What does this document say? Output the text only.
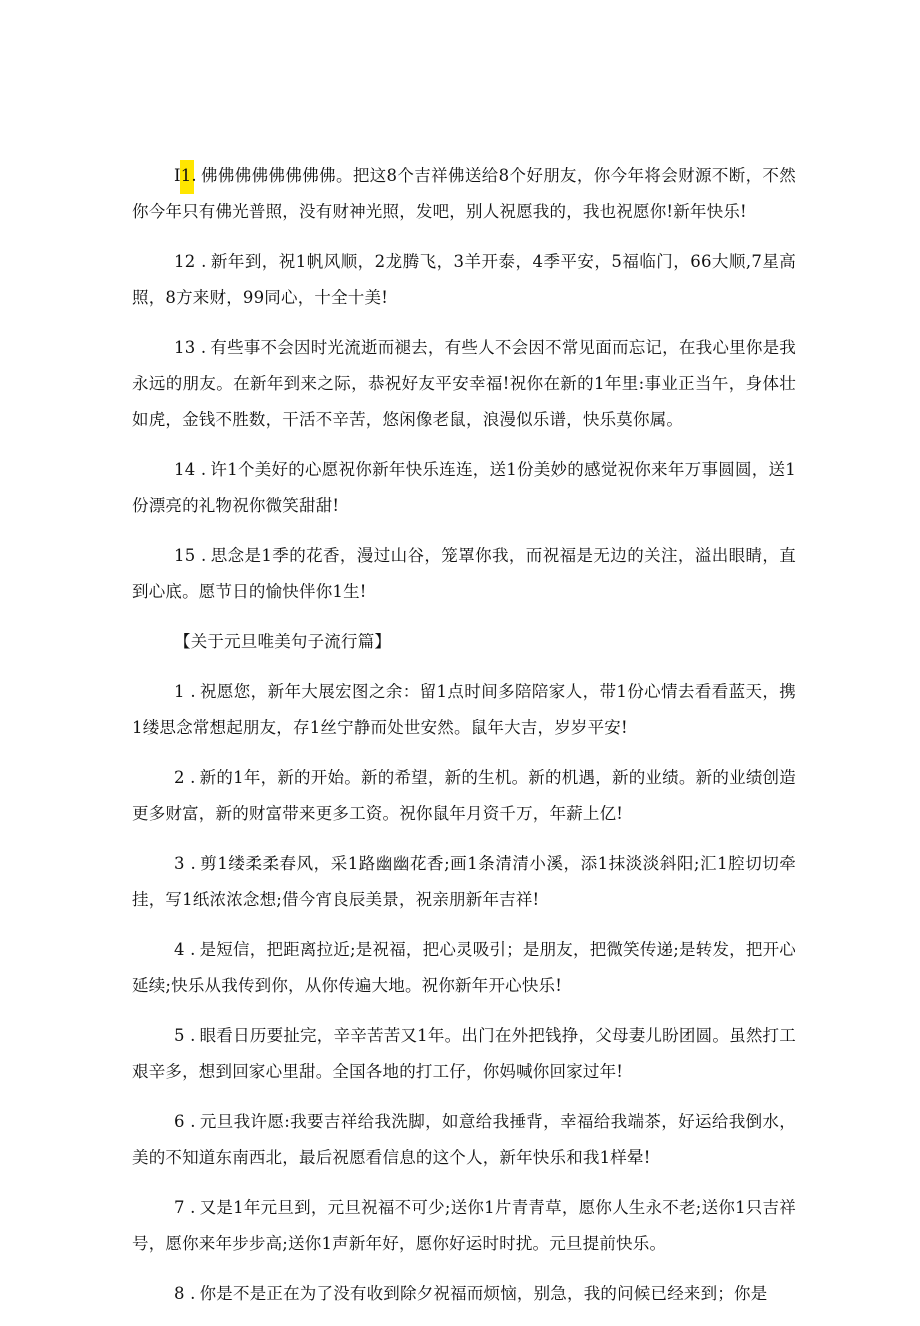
I1. 佛佛佛佛佛佛佛佛。把这8个吉祥佛送给8个好朋友，你今年将会财源不断，不然你今年只有佛光普照，没有财神光照，发吧，别人祝愿我的，我也祝愿你!新年快乐!

12 . 新年到，祝1帆风顺，2龙腾飞，3羊开泰，4季平安，5福临门，66大顺,7星高照，8方来财，99同心，十全十美!

13 . 有些事不会因时光流逝而褪去，有些人不会因不常见面而忘记，在我心里你是我永远的朋友。在新年到来之际，恭祝好友平安幸福!祝你在新的1年里:事业正当午，身体壮如虎，金钱不胜数，干活不辛苦，悠闲像老鼠，浪漫似乐谱，快乐莫你属。

14 . 许1个美好的心愿祝你新年快乐连连，送1份美妙的感觉祝你来年万事圆圆，送1份漂亮的礼物祝你微笑甜甜!

15 . 思念是1季的花香，漫过山谷，笼罩你我，而祝福是无边的关注，溢出眼睛，直到心底。愿节日的愉快伴你1生!

【关于元旦唯美句子流行篇】

1 . 祝愿您，新年大展宏图之余：留1点时间多陪陪家人，带1份心情去看看蓝天，携1缕思念常想起朋友，存1丝宁静而处世安然。鼠年大吉，岁岁平安!

2 . 新的1年，新的开始。新的希望，新的生机。新的机遇，新的业绩。新的业绩创造更多财富，新的财富带来更多工资。祝你鼠年月资千万，年薪上亿!

3 . 剪1缕柔柔春风，采1路幽幽花香;画1条清清小溪，添1抹淡淡斜阳;汇1腔切切牵挂，写1纸浓浓念想;借今宵良辰美景，祝亲朋新年吉祥!

4 . 是短信，把距离拉近;是祝福，把心灵吸引；是朋友，把微笑传递;是转发，把开心延续;快乐从我传到你，从你传遍大地。祝你新年开心快乐!

5 . 眼看日历要扯完，辛辛苦苦又1年。出门在外把钱挣，父母妻儿盼团圆。虽然打工艰辛多，想到回家心里甜。全国各地的打工仔，你妈喊你回家过年!

6 . 元旦我许愿:我要吉祥给我洗脚，如意给我捶背，幸福给我端茶，好运给我倒水，美的不知道东南西北，最后祝愿看信息的这个人，新年快乐和我1样晕!

7 . 又是1年元旦到，元旦祝福不可少;送你1片青青草，愿你人生永不老;送你1只吉祥号，愿你来年步步高;送你1声新年好，愿你好运时时扰。元旦提前快乐。

8 . 你是不是正在为了没有收到除夕祝福而烦恼，别急，我的问候已经来到；你是
